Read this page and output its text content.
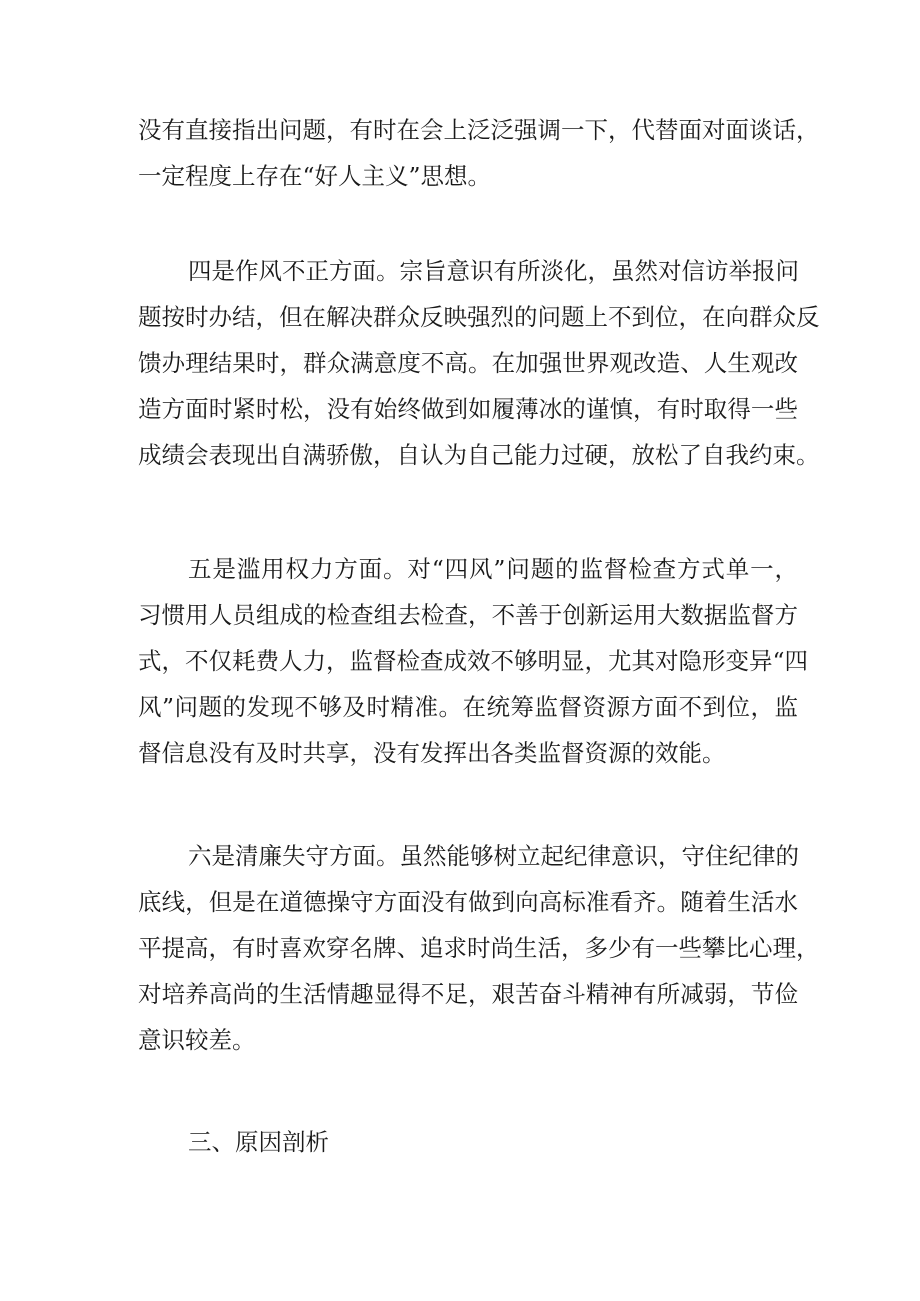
没有直接指出问题，有时在会上泛泛强调一下，代替面对面谈话，
一定程度上存在“好人主义”思想。
四是作风不正方面。宗旨意识有所淡化，虽然对信访举报问
题按时办结，但在解决群众反映强烈的问题上不到位，在向群众反
馈办理结果时，群众满意度不高。在加强世界观改造、人生观改
造方面时紧时松，没有始终做到如履薄冰的谨慎，有时取得一些
成绩会表现出自满骄傲，自认为自己能力过硬，放松了自我约束。
五是滥用权力方面。对“四风”问题的监督检查方式单一，
习惯用人员组成的检查组去检查，不善于创新运用大数据监督方
式，不仅耗费人力，监督检查成效不够明显，尤其对隐形变异“四
风”问题的发现不够及时精准。在统筹监督资源方面不到位，监
督信息没有及时共享，没有发挥出各类监督资源的效能。
六是清廉失守方面。虽然能够树立起纪律意识，守住纪律的
底线，但是在道德操守方面没有做到向高标准看齐。随着生活水
平提高，有时喜欢穿名牌、追求时尚生活，多少有一些攀比心理，
对培养高尚的生活情趣显得不足，艰苦奋斗精神有所减弱，节俭
意识较差。

三、原因剖析
